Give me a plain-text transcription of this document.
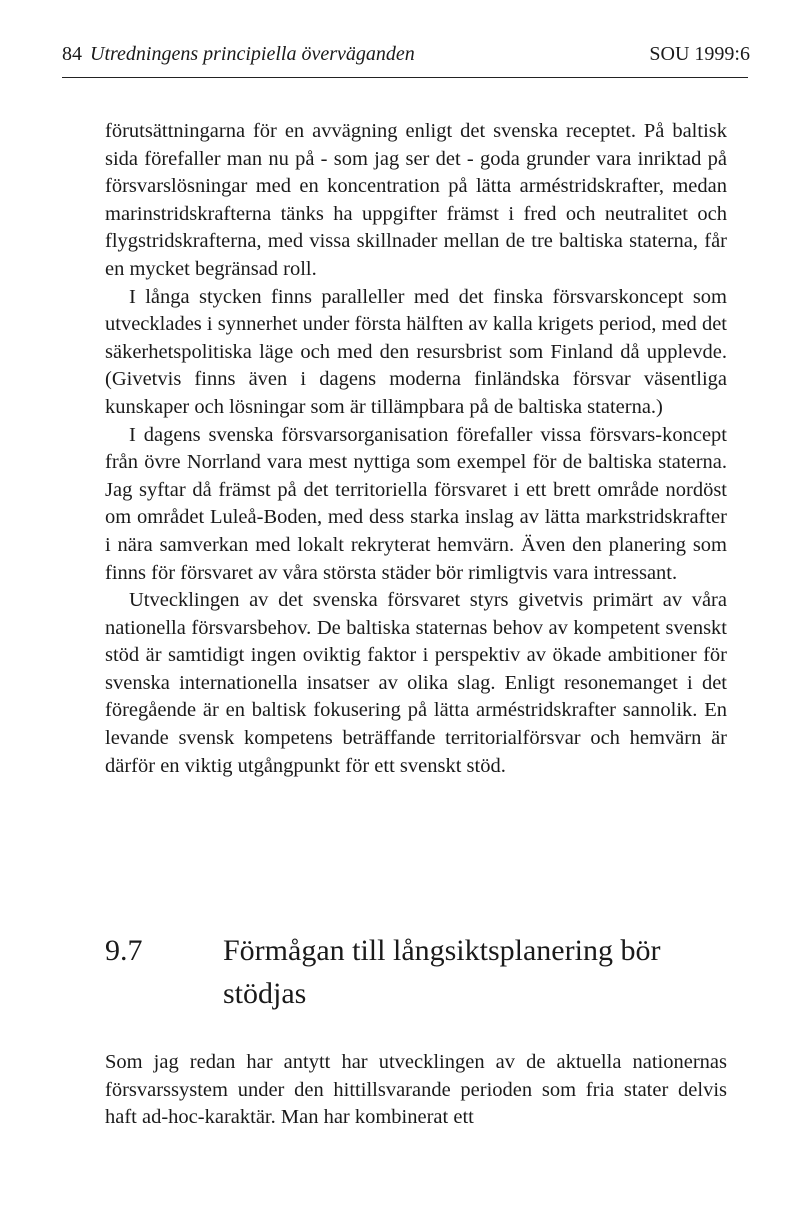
84 Utredningens principiella överväganden	SOU 1999:6

förutsättningarna för en avvägning enligt det svenska receptet. På baltisk sida förefaller man nu på - som jag ser det - goda grunder vara inriktad på försvarslösningar med en koncentration på lätta arméstridskrafter, medan marinstridskrafterna tänks ha uppgifter främst i fred och neutralitet och flygstridskrafterna, med vissa skillnader mellan de tre baltiska staterna, får en mycket begränsad roll.

I långa stycken finns paralleller med det finska försvarskoncept som utvecklades i synnerhet under första hälften av kalla krigets period, med det säkerhetspolitiska läge och med den resursbrist som Finland då upplevde. (Givetvis finns även i dagens moderna finländska försvar väsentliga kunskaper och lösningar som är tillämpbara på de baltiska staterna.)

I dagens svenska försvarsorganisation förefaller vissa försvars-koncept från övre Norrland vara mest nyttiga som exempel för de baltiska staterna. Jag syftar då främst på det territoriella försvaret i ett brett område nordöst om området Luleå-Boden, med dess starka inslag av lätta markstridskrafter i nära samverkan med lokalt rekryterat hemvärn. Även den planering som finns för försvaret av våra största städer bör rimligtvis vara intressant.

Utvecklingen av det svenska försvaret styrs givetvis primärt av våra nationella försvarsbehov. De baltiska staternas behov av kompetent svenskt stöd är samtidigt ingen oviktig faktor i perspektiv av ökade ambitioner för svenska internationella insatser av olika slag. Enligt resonemanget i det föregående är en baltisk fokusering på lätta arméstridskrafter sannolik. En levande svensk kompetens beträffande territorialförsvar och hemvärn är därför en viktig utgångpunkt för ett svenskt stöd.

9.7	Förmågan till långsiktsplanering bör stödjas

Som jag redan har antytt har utvecklingen av de aktuella nationernas försvarssystem under den hittillsvarande perioden som fria stater delvis haft ad-hoc-karaktär. Man har kombinerat ett
